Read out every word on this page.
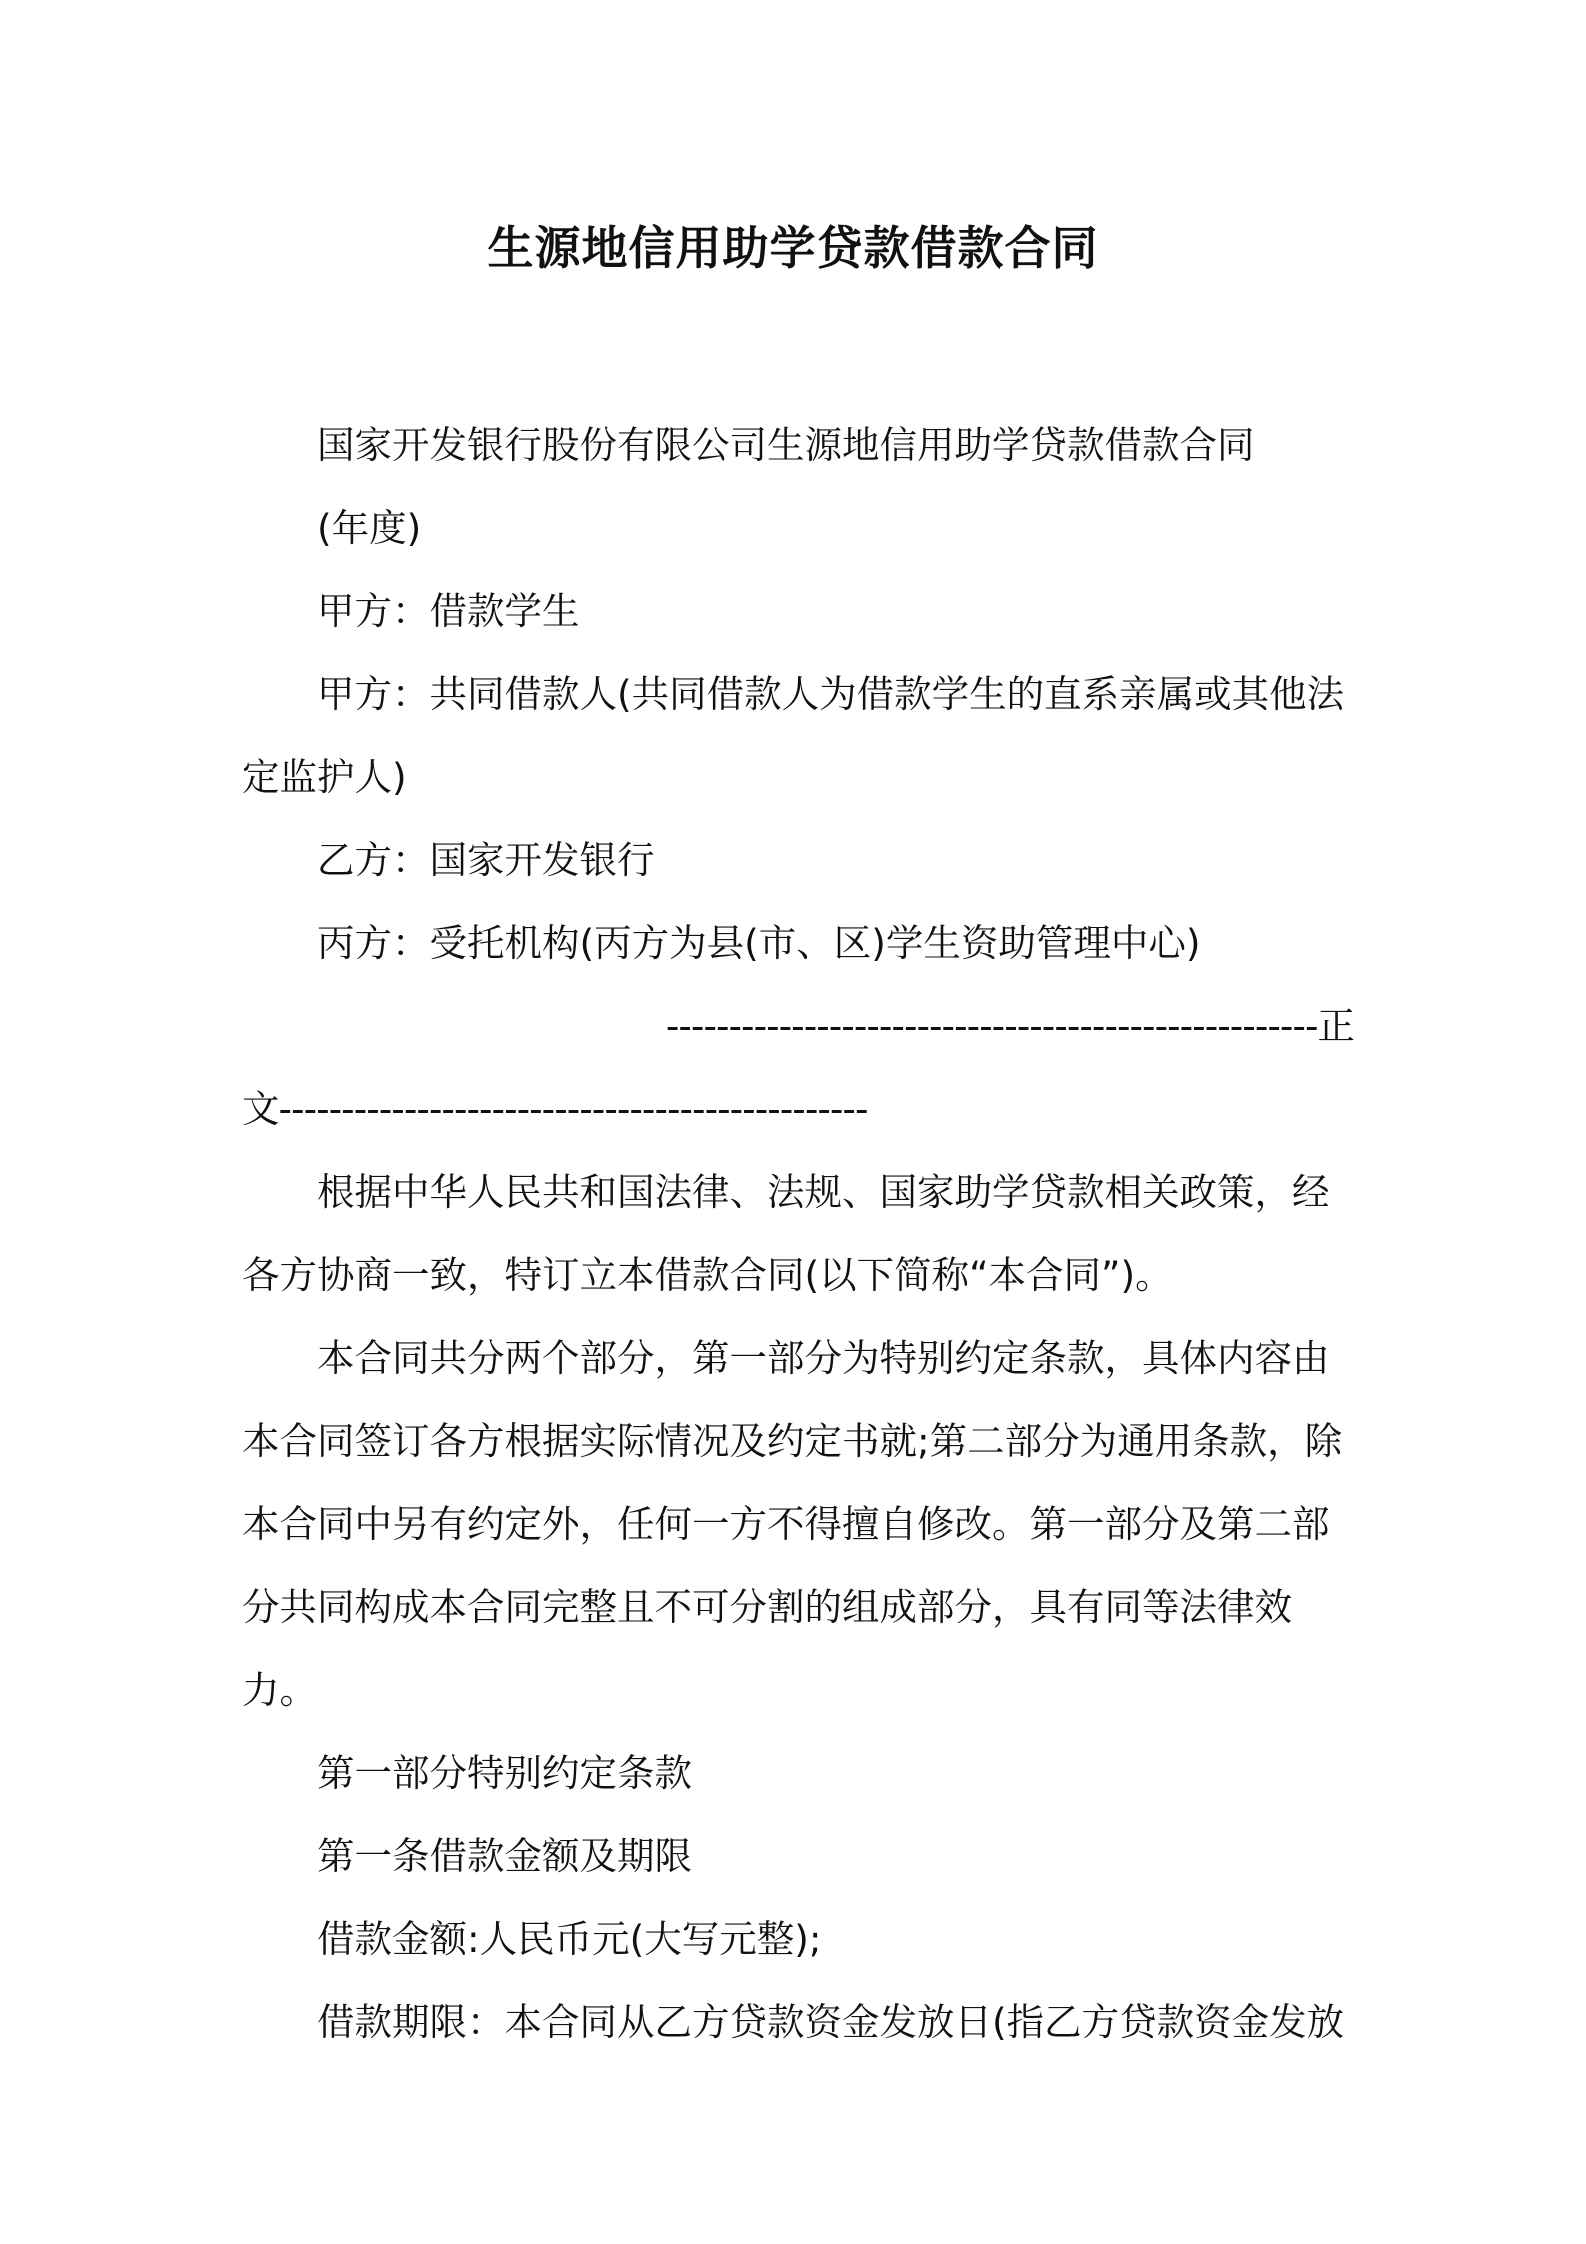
生源地信用助学贷款借款合同

国家开发银行股份有限公司生源地信用助学贷款借款合同

(年度)

甲方：借款学生

甲方：共同借款人(共同借款人为借款学生的直系亲属或其他法定监护人)

乙方：国家开发银行

丙方：受托机构(丙方为县(市、区)学生资助管理中心)

----------------------------------------------------正

文-----------------------------------------------

根据中华人民共和国法律、法规、国家助学贷款相关政策，经各方协商一致，特订立本借款合同(以下简称“本合同”)。

本合同共分两个部分，第一部分为特别约定条款，具体内容由本合同签订各方根据实际情况及约定书就;第二部分为通用条款，除本合同中另有约定外，任何一方不得擅自修改。第一部分及第二部分共同构成本合同完整且不可分割的组成部分，具有同等法律效力。

第一部分特别约定条款

第一条借款金额及期限

借款金额:人民币元(大写元整);

借款期限：本合同从乙方贷款资金发放日(指乙方贷款资金发放
